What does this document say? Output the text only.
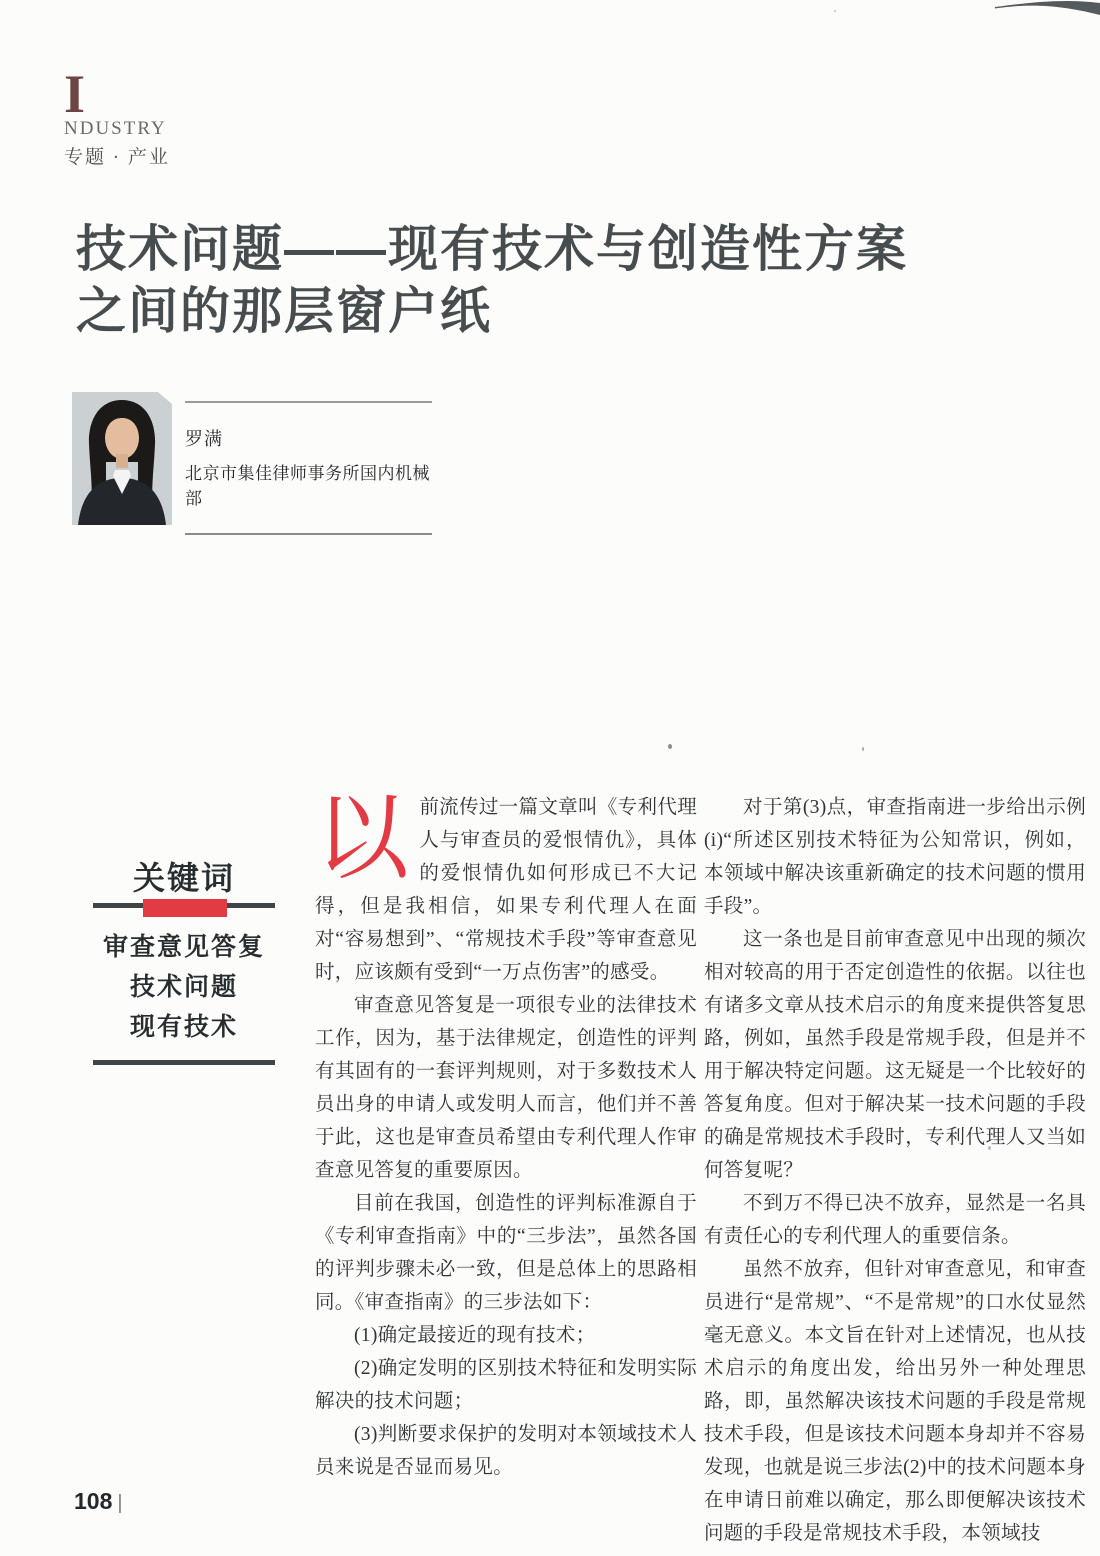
I
NDUSTRY
专题 · 产业
技术问题——现有技术与创造性方案
之间的那层窗户纸
罗满
北京市集佳律师事务所国内机械部
关键词
审查意见答复
技术问题
现有技术

以前流传过一篇文章叫《专利代理人与审查员的爱恨情仇》，具体的爱恨情仇如何形成已不大记得，但是我相信，如果专利代理人在面对“容易想到”、“常规技术手段”等审查意见时，应该颇有受到“一万点伤害”的感受。

审查意见答复是一项很专业的法律技术工作，因为，基于法律规定，创造性的评判有其固有的一套评判规则，对于多数技术人员出身的申请人或发明人而言，他们并不善于此，这也是审查员希望由专利代理人作审查意见答复的重要原因。

目前在我国，创造性的评判标准源自于《专利审查指南》中的“三步法”，虽然各国的评判步骤未必一致，但是总体上的思路相同。《审查指南》的三步法如下：

(1)确定最接近的现有技术；

(2)确定发明的区别技术特征和发明实际解决的技术问题；

(3)判断要求保护的发明对本领域技术人员来说是否显而易见。

对于第(3)点，审查指南进一步给出示例(i)“所述区别技术特征为公知常识，例如，本领域中解决该重新确定的技术问题的惯用手段”。

这一条也是目前审查意见中出现的频次相对较高的用于否定创造性的依据。以往也有诸多文章从技术启示的角度来提供答复思路，例如，虽然手段是常规手段，但是并不用于解决特定问题。这无疑是一个比较好的答复角度。但对于解决某一技术问题的手段的确是常规技术手段时，专利代理人又当如何答复呢？

不到万不得已决不放弃，显然是一名具有责任心的专利代理人的重要信条。

虽然不放弃，但针对审查意见，和审查员进行“是常规”、“不是常规”的口水仗显然毫无意义。本文旨在针对上述情况，也从技术启示的角度出发，给出另外一种处理思路，即，虽然解决该技术问题的手段是常规技术手段，但是该技术问题本身却并不容易发现，也就是说三步法(2)中的技术问题本身在申请日前难以确定，那么即便解决该技术问题的手段是常规技术手段，本领域技

108 |
